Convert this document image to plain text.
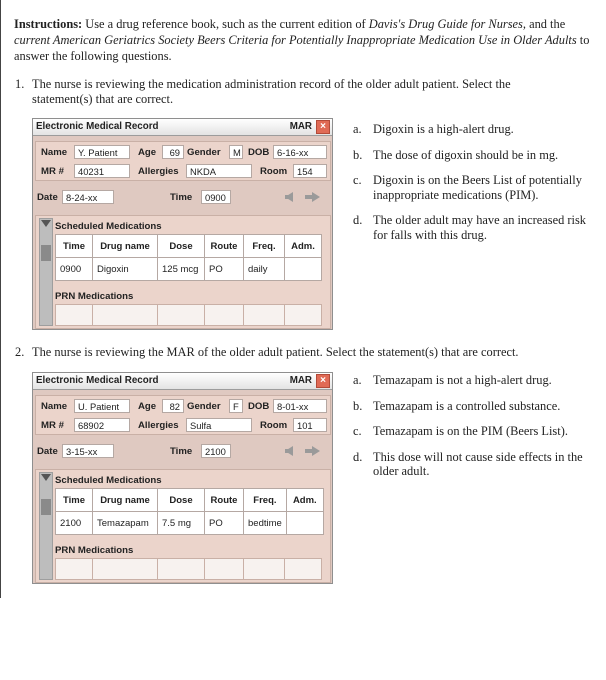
Instructions: Use a drug reference book, such as the current edition of Davis's Drug Guide for Nurses, and the current American Geriatrics Society Beers Criteria for Potentially Inappropriate Medication Use in Older Adults to answer the following questions.
1. The nurse is reviewing the medication administration record of the older adult patient. Select the
statement(s) that are correct.
Electronic Medical Record	MAR ×
Name	Y. Patient	Age	69 Gender	M DOB 6-16-xx
MR #	40231	Allergies	NKDA	Room	154
Date 8-24-xx	Time	0900
Scheduled Medications
Time	Drug name	Dose	Route	Freq.	Adm.
0900	Digoxin	125 mcg	PO	daily	
PRN Medications

a. Digoxin is a high-alert drug.
b. The dose of digoxin should be in mg.
c. Digoxin is on the Beers List of potentially inappropriate medications (PIM).
d. The older adult may have an increased risk for falls with this drug.
2. The nurse is reviewing the MAR of the older adult patient. Select the statement(s) that are correct.
Electronic Medical Record	MAR ×
Name	U. Patient	Age	82 Gender	F DOB 8-01-xx
MR #	68902	Allergies	Sulfa	Room	101
Date 3-15-xx	Time	2100
Scheduled Medications
Time	Drug name	Dose	Route	Freq.	Adm.
2100	Temazapam	7.5 mg	PO	bedtime	
PRN Medications

a. Temazapam is not a high-alert drug.
b. Temazapam is a controlled substance.
c. Temazapam is on the PIM (Beers List).
d. This dose will not cause side effects in the older adult.
